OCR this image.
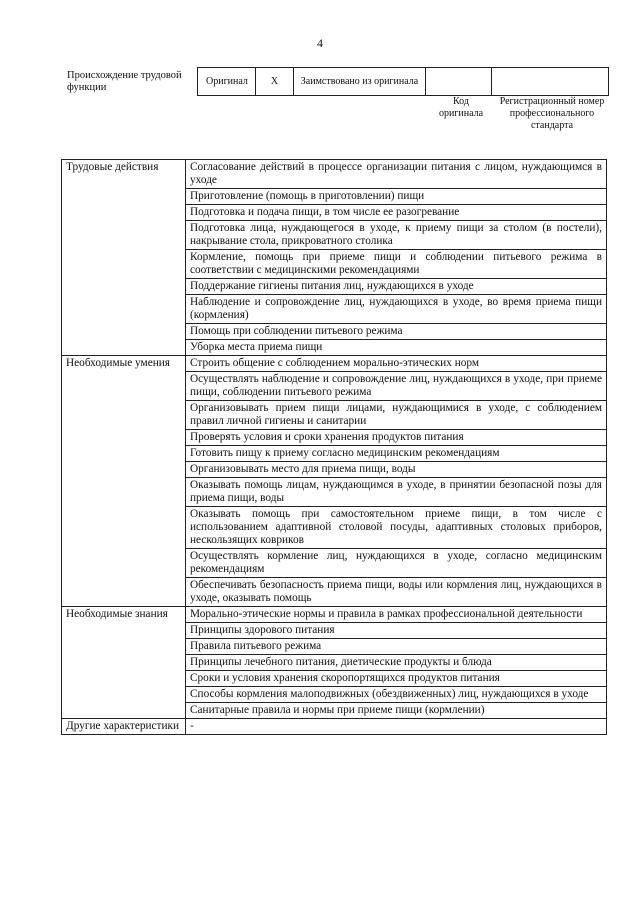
4
Происхождение трудовой функции
Оригинал	X	Заимствовано из оригинала
Код оригинала
Регистрационный номер профессионального стандарта
Трудовые действия	Согласование действий в процессе организации питания с лицом, нуждающимся в уходе
	Приготовление (помощь в приготовлении) пищи
	Подготовка и подача пищи, в том числе ее разогревание
	Подготовка лица, нуждающегося в уходе, к приему пищи за столом (в постели), накрывание стола, прикроватного столика
	Кормление, помощь при приеме пищи и соблюдении питьевого режима в соответствии с медицинскими рекомендациями
	Поддержание гигиены питания лиц, нуждающихся в уходе
	Наблюдение и сопровождение лиц, нуждающихся в уходе, во время приема пищи (кормления)
	Помощь при соблюдении питьевого режима
	Уборка места приема пищи
Необходимые умения	Строить общение с соблюдением морально-этических норм
	Осуществлять наблюдение и сопровождение лиц, нуждающихся в уходе, при приеме пищи, соблюдении питьевого режима
	Организовывать прием пищи лицами, нуждающимися в уходе, с соблюдением правил личной гигиены и санитарии
	Проверять условия и сроки хранения продуктов питания
	Готовить пищу к приему согласно медицинским рекомендациям
	Организовывать место для приема пищи, воды
	Оказывать помощь лицам, нуждающимся в уходе, в принятии безопасной позы для приема пищи, воды
	Оказывать помощь при самостоятельном приеме пищи, в том числе с использованием адаптивной столовой посуды, адаптивных столовых приборов, нескользящих ковриков
	Осуществлять кормление лиц, нуждающихся в уходе, согласно медицинским рекомендациям
	Обеспечивать безопасность приема пищи, воды или кормления лиц, нуждающихся в уходе, оказывать помощь
Необходимые знания	Морально-этические нормы и правила в рамках профессиональной деятельности
	Принципы здорового питания
	Правила питьевого режима
	Принципы лечебного питания, диетические продукты и блюда
	Сроки и условия хранения скоропортящихся продуктов питания
	Способы кормления малоподвижных (обездвиженных) лиц, нуждающихся в уходе
	Санитарные правила и нормы при приеме пищи (кормлении)
Другие характеристики	-
